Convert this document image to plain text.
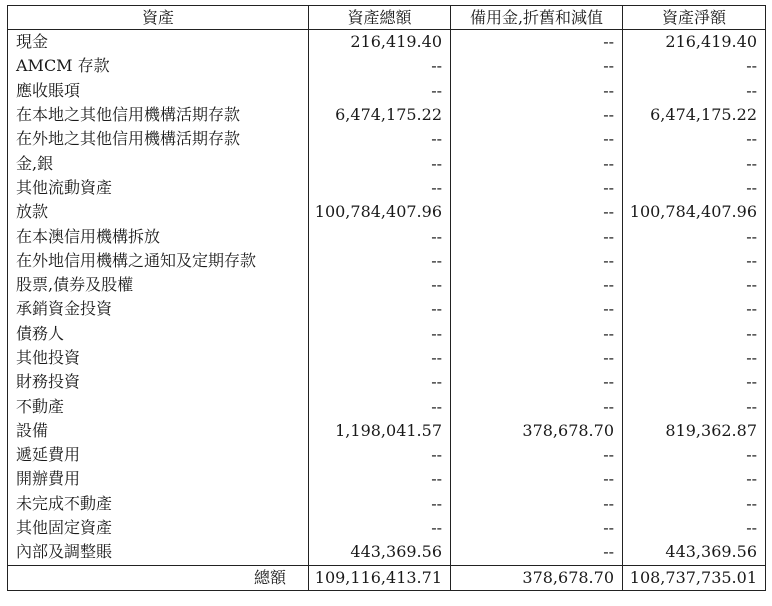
資產	資產總額	備用金,折舊和減值	資產淨額
現金	216,419.40	--	216,419.40
AMCM 存款	--	--	--
應收賬項	--	--	--
在本地之其他信用機構活期存款	6,474,175.22	--	6,474,175.22
在外地之其他信用機構活期存款	--	--	--
金,銀	--	--	--
其他流動資產	--	--	--
放款	100,784,407.96	--	100,784,407.96
在本澳信用機構拆放	--	--	--
在外地信用機構之通知及定期存款	--	--	--
股票,債券及股權	--	--	--
承銷資金投資	--	--	--
債務人	--	--	--
其他投資	--	--	--
財務投資	--	--	--
不動產	--	--	--
設備	1,198,041.57	378,678.70	819,362.87
遞延費用	--	--	--
開辦費用	--	--	--
未完成不動產	--	--	--
其他固定資產	--	--	--
內部及調整賬	443,369.56	--	443,369.56
總額	109,116,413.71	378,678.70	108,737,735.01
